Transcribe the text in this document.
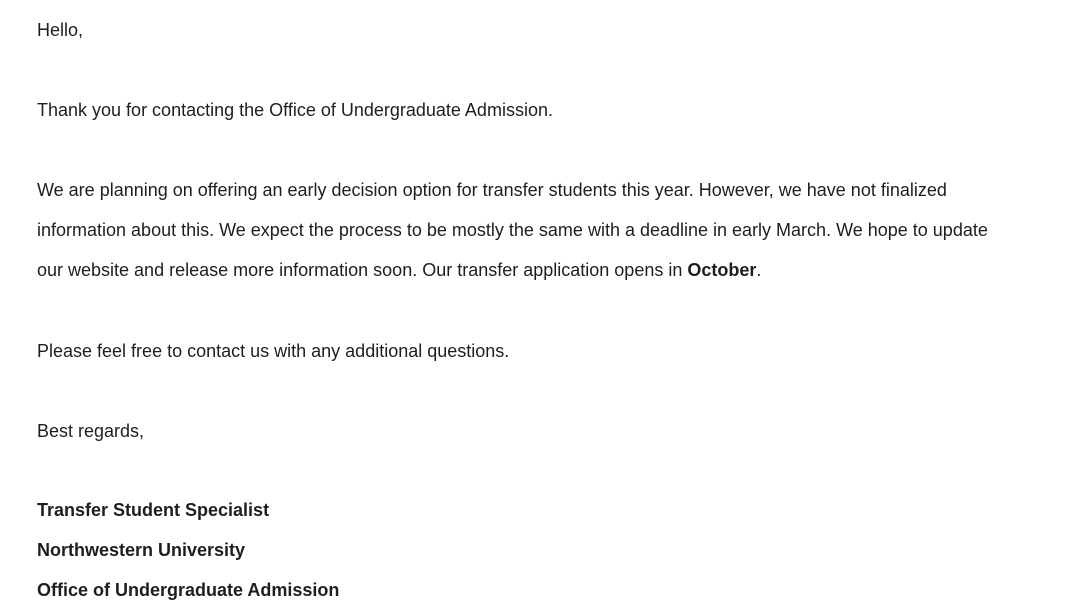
Hello,

Thank you for contacting the Office of Undergraduate Admission.

We are planning on offering an early decision option for transfer students this year. However, we have not finalized

information about this. We expect the process to be mostly the same with a deadline in early March. We hope to update

our website and release more information soon. Our transfer application opens in October.

Please feel free to contact us with any additional questions.

Best regards,

Transfer Student Specialist

Northwestern University

Office of Undergraduate Admission
